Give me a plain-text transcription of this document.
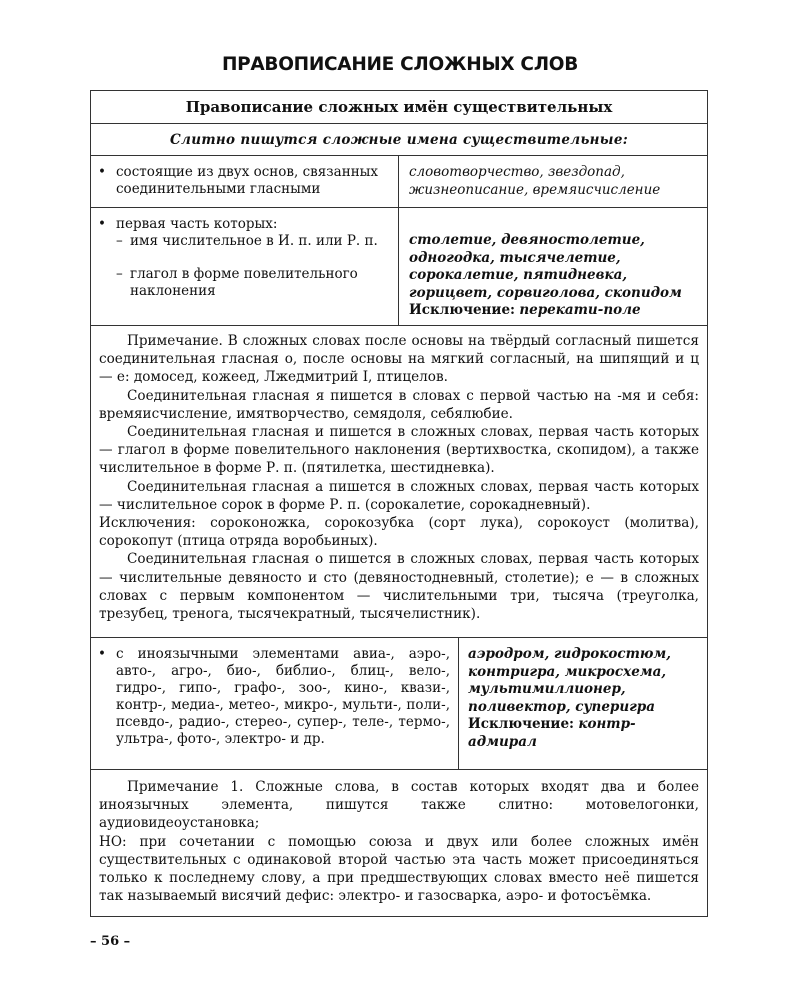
ПРАВОПИСАНИЕ СЛОЖНЫХ СЛОВ
Правописание сложных имён существительных
Слитно пишутся сложные имена существительные:
• состоящие из двух основ, связанных соединительными гласными
словотворчество, звездопад, жизнеописание, времяисчисление
• первая часть которых:
– имя числительное в И. п. или Р. п.
– глагол в форме повелительного наклонения
столетие, девяностолетие, одногодка, тысячелетие, сорокалетие, пятидневка, горицвет, сорвиголова, скопидом
Исключение: перекати-поле

Примечание. В сложных словах после основы на твёрдый согласный пишется соединительная гласная о, после основы на мягкий согласный, на шипящий и ц — е: домосед, кожеед, Лжедмитрий I, птицелов.

Соединительная гласная я пишется в словах с первой частью на -мя и себя: времяисчисление, имятворчество, семядоля, себялюбие.

Соединительная гласная и пишется в сложных словах, первая часть которых — глагол в форме повелительного наклонения (вертихвостка, скопидом), а также числительное в форме Р. п. (пятилетка, шестидневка).

Соединительная гласная а пишется в сложных словах, первая часть которых — числительное сорок в форме Р. п. (сорокалетие, сорокадневный).

Исключения: сороконожка, сорокозубка (сорт лука), сорокоуст (молитва), сорокопут (птица отряда воробьиных).

Соединительная гласная о пишется в сложных словах, первая часть которых — числительные девяносто и сто (девяностодневный, столетие); е — в сложных словах с первым компонентом — числительными три, тысяча (треуголка, трезубец, тренога, тысячекратный, тысячелистник).

• с иноязычными элементами авиа-, аэро-, авто-, агро-, био-, библио-, блиц-, вело-, гидро-, гипо-, графо-, зоо-, кино-, квази-, контр-, медиа-, метео-, микро-, мульти-, поли-, псевдо-, радио-, стерео-, супер-, теле-, термо-, ультра-, фото-, электро- и др.
аэродром, гидрокостюм, контригра, микросхема, мультимиллионер, поливектор, суперигра
Исключение: контр-адмирал

Примечание 1. Сложные слова, в состав которых входят два и более иноязычных элемента, пишутся также слитно: мотовелогонки, аудиовидеоустановка;

НО: при сочетании с помощью союза и двух или более сложных имён существительных с одинаковой второй частью эта часть может присоединяться только к последнему слову, а при предшествующих словах вместо неё пишется так называемый висячий дефис: электро- и газосварка, аэро- и фотосъёмка.

– 56 –
